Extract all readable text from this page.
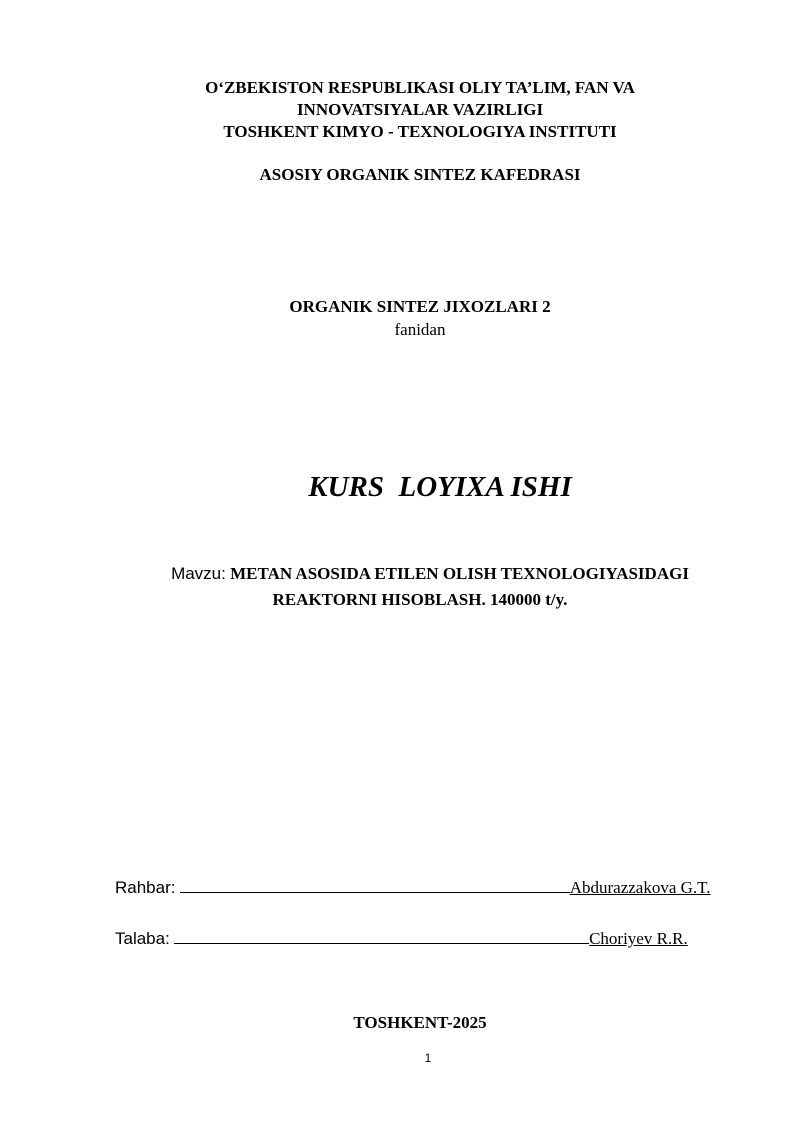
O‘ZBEKISTON RESPUBLIKASI OLIY TA’LIM, FAN VA
INNOVATSIYALAR VAZIRLIGI
TOSHKENT KIMYO - TEXNOLOGIYA INSTITUTI
ASOSIY ORGANIK SINTEZ KAFEDRASI
ORGANIK SINTEZ JIXOZLARI 2
fanidan
KURS  LOYIXA ISHI
Mavzu: METAN ASOSIDA ETILEN OLISH TEXNOLOGIYASIDAGI
REAKTORNI HISOBLASH. 140000 t/y.
Rahbar:	Abdurazzakova G.T.
Talaba:	Choriyev R.R.
TOSHKENT-2025
1
